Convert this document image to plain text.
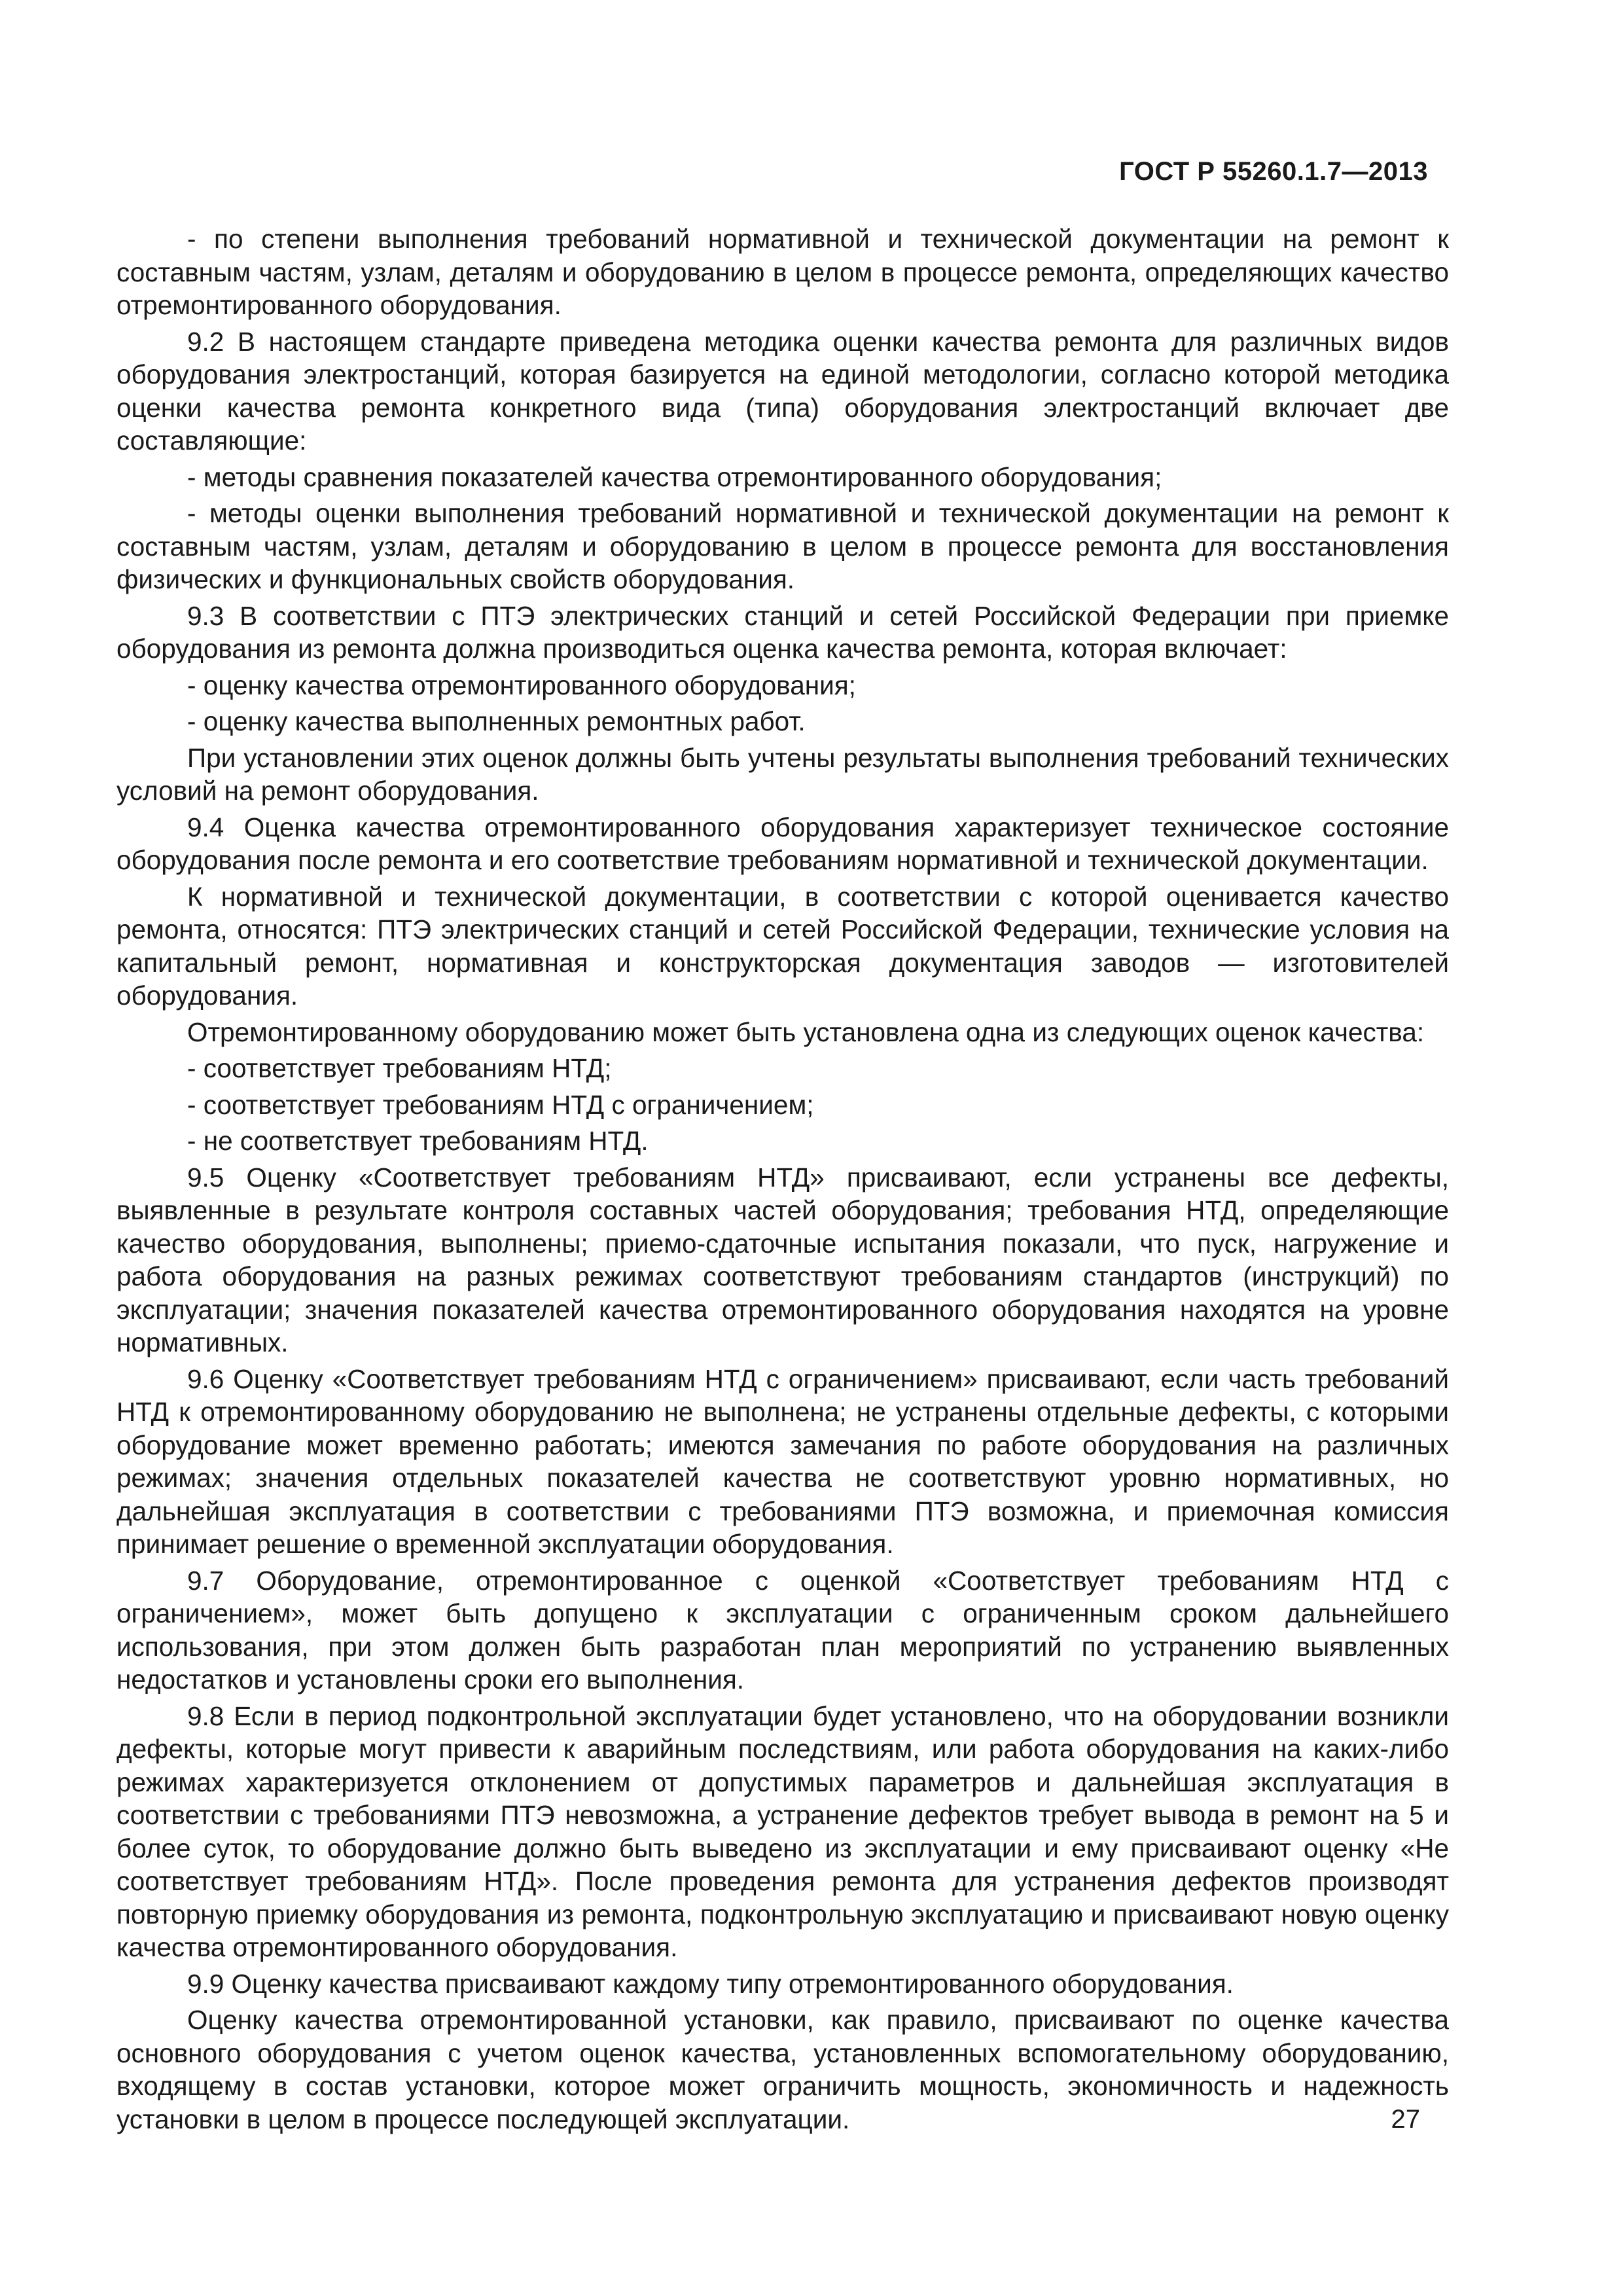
ГОСТ Р 55260.1.7—2013

- по степени выполнения требований нормативной и технической документации на ремонт к составным частям, узлам, деталям и оборудованию в целом в процессе ремонта, определяющих качество отремонтированного оборудования.

9.2 В настоящем стандарте приведена методика оценки качества ремонта для различных видов оборудования электростанций, которая базируется на единой методологии, согласно которой методика оценки качества ремонта конкретного вида (типа) оборудования электростанций включает две составляющие:

- методы сравнения показателей качества отремонтированного оборудования;

- методы оценки выполнения требований нормативной и технической документации на ремонт к составным частям, узлам, деталям и оборудованию в целом в процессе ремонта для восстановления физических и функциональных свойств оборудования.

9.3 В соответствии с ПТЭ электрических станций и сетей Российской Федерации при приемке оборудования из ремонта должна производиться оценка качества ремонта, которая включает:

- оценку качества отремонтированного оборудования;

- оценку качества выполненных ремонтных работ.

При установлении этих оценок должны быть учтены результаты выполнения требований технических условий на ремонт оборудования.

9.4 Оценка качества отремонтированного оборудования характеризует техническое состояние оборудования после ремонта и его соответствие требованиям нормативной и технической документации.

К нормативной и технической документации, в соответствии с которой оценивается качество ремонта, относятся: ПТЭ электрических станций и сетей Российской Федерации, технические условия на капитальный ремонт, нормативная и конструкторская документация заводов — изготовителей оборудования.

Отремонтированному оборудованию может быть установлена одна из следующих оценок качества:

- соответствует требованиям НТД;

- соответствует требованиям НТД с ограничением;

- не соответствует требованиям НТД.

9.5 Оценку «Соответствует требованиям НТД» присваивают, если устранены все дефекты, выявленные в результате контроля составных частей оборудования; требования НТД, определяющие качество оборудования, выполнены; приемо-сдаточные испытания показали, что пуск, нагружение и работа оборудования на разных режимах соответствуют требованиям стандартов (инструкций) по эксплуатации; значения показателей качества отремонтированного оборудования находятся на уровне нормативных.

9.6 Оценку «Соответствует требованиям НТД с ограничением» присваивают, если часть требований НТД к отремонтированному оборудованию не выполнена; не устранены отдельные дефекты, с которыми оборудование может временно работать; имеются замечания по работе оборудования на различных режимах; значения отдельных показателей качества не соответствуют уровню нормативных, но дальнейшая эксплуатация в соответствии с требованиями ПТЭ возможна, и приемочная комиссия принимает решение о временной эксплуатации оборудования.

9.7 Оборудование, отремонтированное с оценкой «Соответствует требованиям НТД с ограничением», может быть допущено к эксплуатации с ограниченным сроком дальнейшего использования, при этом должен быть разработан план мероприятий по устранению выявленных недостатков и установлены сроки его выполнения.

9.8 Если в период подконтрольной эксплуатации будет установлено, что на оборудовании возникли дефекты, которые могут привести к аварийным последствиям, или работа оборудования на каких-либо режимах характеризуется отклонением от допустимых параметров и дальнейшая эксплуатация в соответствии с требованиями ПТЭ невозможна, а устранение дефектов требует вывода в ремонт на 5 и более суток, то оборудование должно быть выведено из эксплуатации и ему присваивают оценку «Не соответствует требованиям НТД». После проведения ремонта для устранения дефектов производят повторную приемку оборудования из ремонта, подконтрольную эксплуатацию и присваивают новую оценку качества отремонтированного оборудования.

9.9 Оценку качества присваивают каждому типу отремонтированного оборудования.

Оценку качества отремонтированной установки, как правило, присваивают по оценке качества основного оборудования с учетом оценок качества, установленных вспомогательному оборудованию, входящему в состав установки, которое может ограничить мощность, экономичность и надежность установки в целом в процессе последующей эксплуатации.	27
